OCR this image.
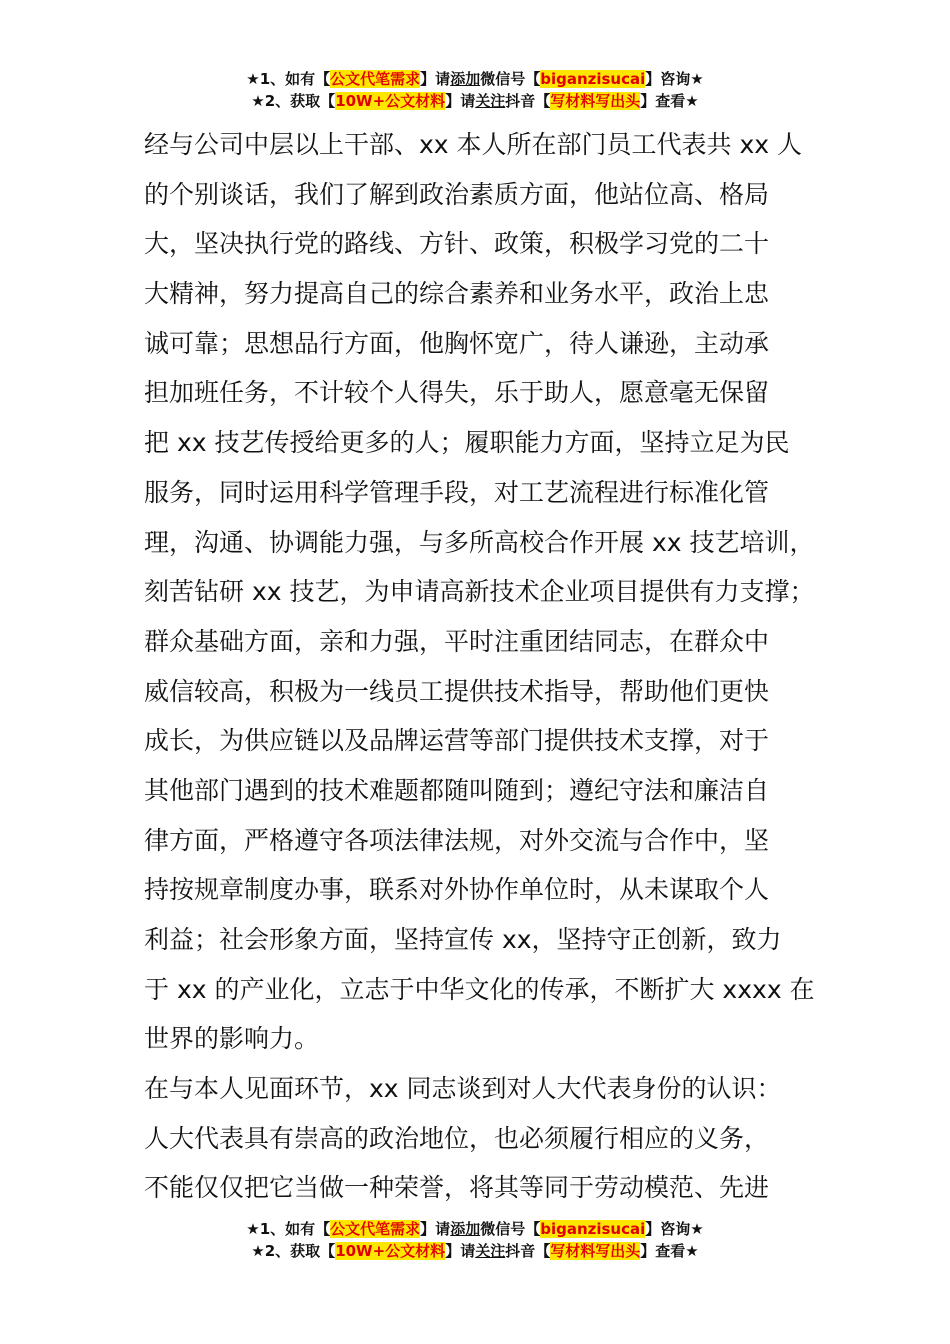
★1、如有【公文代笔需求】请添加微信号【biganzisucai】咨询★
★2、获取【10W+公文材料】请关注抖音【写材料写出头】查看★
经与公司中层以上干部、xx 本人所在部门员工代表共 xx 人
的个别谈话，我们了解到政治素质方面，他站位高、格局
大，坚决执行党的路线、方针、政策，积极学习党的二十
大精神，努力提高自己的综合素养和业务水平，政治上忠
诚可靠；思想品行方面，他胸怀宽广，待人谦逊，主动承
担加班任务，不计较个人得失，乐于助人，愿意毫无保留
把 xx 技艺传授给更多的人；履职能力方面，坚持立足为民
服务，同时运用科学管理手段，对工艺流程进行标准化管
理，沟通、协调能力强，与多所高校合作开展 xx 技艺培训，
刻苦钻研 xx 技艺，为申请高新技术企业项目提供有力支撑；
群众基础方面，亲和力强，平时注重团结同志，在群众中
威信较高，积极为一线员工提供技术指导，帮助他们更快
成长，为供应链以及品牌运营等部门提供技术支撑，对于
其他部门遇到的技术难题都随叫随到；遵纪守法和廉洁自
律方面，严格遵守各项法律法规，对外交流与合作中，坚
持按规章制度办事，联系对外协作单位时，从未谋取个人
利益；社会形象方面，坚持宣传 xx，坚持守正创新，致力
于 xx 的产业化，立志于中华文化的传承，不断扩大 xxxx 在
世界的影响力。
在与本人见面环节，xx 同志谈到对人大代表身份的认识：
人大代表具有崇高的政治地位，也必须履行相应的义务，
不能仅仅把它当做一种荣誉，将其等同于劳动模范、先进
★1、如有【公文代笔需求】请添加微信号【biganzisucai】咨询★
★2、获取【10W+公文材料】请关注抖音【写材料写出头】查看★
